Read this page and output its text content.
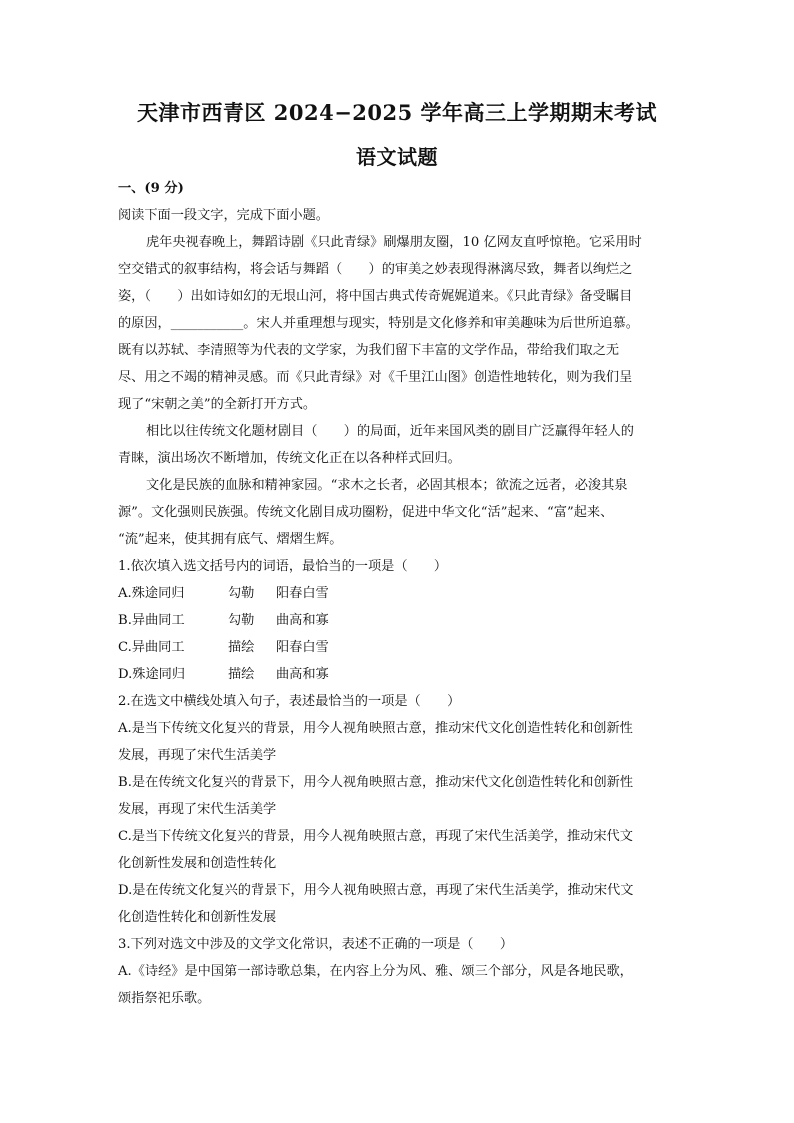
天津市西青区 2024−2025 学年高三上学期期末考试
语文试题
一、(9 分)
阅读下面一段文字，完成下面小题。
虎年央视春晚上，舞蹈诗剧《只此青绿》刷爆朋友圈，10 亿网友直呼惊艳。它采用时
空交错式的叙事结构，将会话与舞蹈（　　）的审美之妙表现得淋漓尽致，舞者以绚烂之
姿，（　　）出如诗如幻的无垠山河，将中国古典式传奇娓娓道来。《只此青绿》备受瞩目
的原因，___________。宋人并重理想与现实，特别是文化修养和审美趣味为后世所追慕。
既有以苏轼、李清照等为代表的文学家，为我们留下丰富的文学作品，带给我们取之无
尽、用之不竭的精神灵感。而《只此青绿》对《千里江山图》创造性地转化，则为我们呈
现了“宋朝之美”的全新打开方式。
相比以往传统文化题材剧目（　　）的局面，近年来国风类的剧目广泛赢得年轻人的
青睐，演出场次不断增加，传统文化正在以各种样式回归。
文化是民族的血脉和精神家园。“求木之长者，必固其根本；欲流之远者，必浚其泉
源”。文化强则民族强。传统文化剧目成功圈粉，促进中华文化“活”起来、“富”起来、
“流”起来，使其拥有底气、熠熠生辉。
1.依次填入选文括号内的词语，最恰当的一项是（　　）
A.殊途同归	勾勒 阳春白雪
B.异曲同工	勾勒 曲高和寡
C.异曲同工	描绘 阳春白雪
D.殊途同归	描绘 曲高和寡
2.在选文中横线处填入句子，表述最恰当的一项是（　　）
A.是当下传统文化复兴的背景，用今人视角映照古意，推动宋代文化创造性转化和创新性
发展，再现了宋代生活美学
B.是在传统文化复兴的背景下，用今人视角映照古意，推动宋代文化创造性转化和创新性
发展，再现了宋代生活美学
C.是当下传统文化复兴的背景，用今人视角映照古意，再现了宋代生活美学，推动宋代文
化创新性发展和创造性转化
D.是在传统文化复兴的背景下，用今人视角映照古意，再现了宋代生活美学，推动宋代文
化创造性转化和创新性发展
3.下列对选文中涉及的文学文化常识，表述不正确的一项是（　　）
A.《诗经》是中国第一部诗歌总集，在内容上分为风、雅、颂三个部分，风是各地民歌，
颂指祭祀乐歌。
